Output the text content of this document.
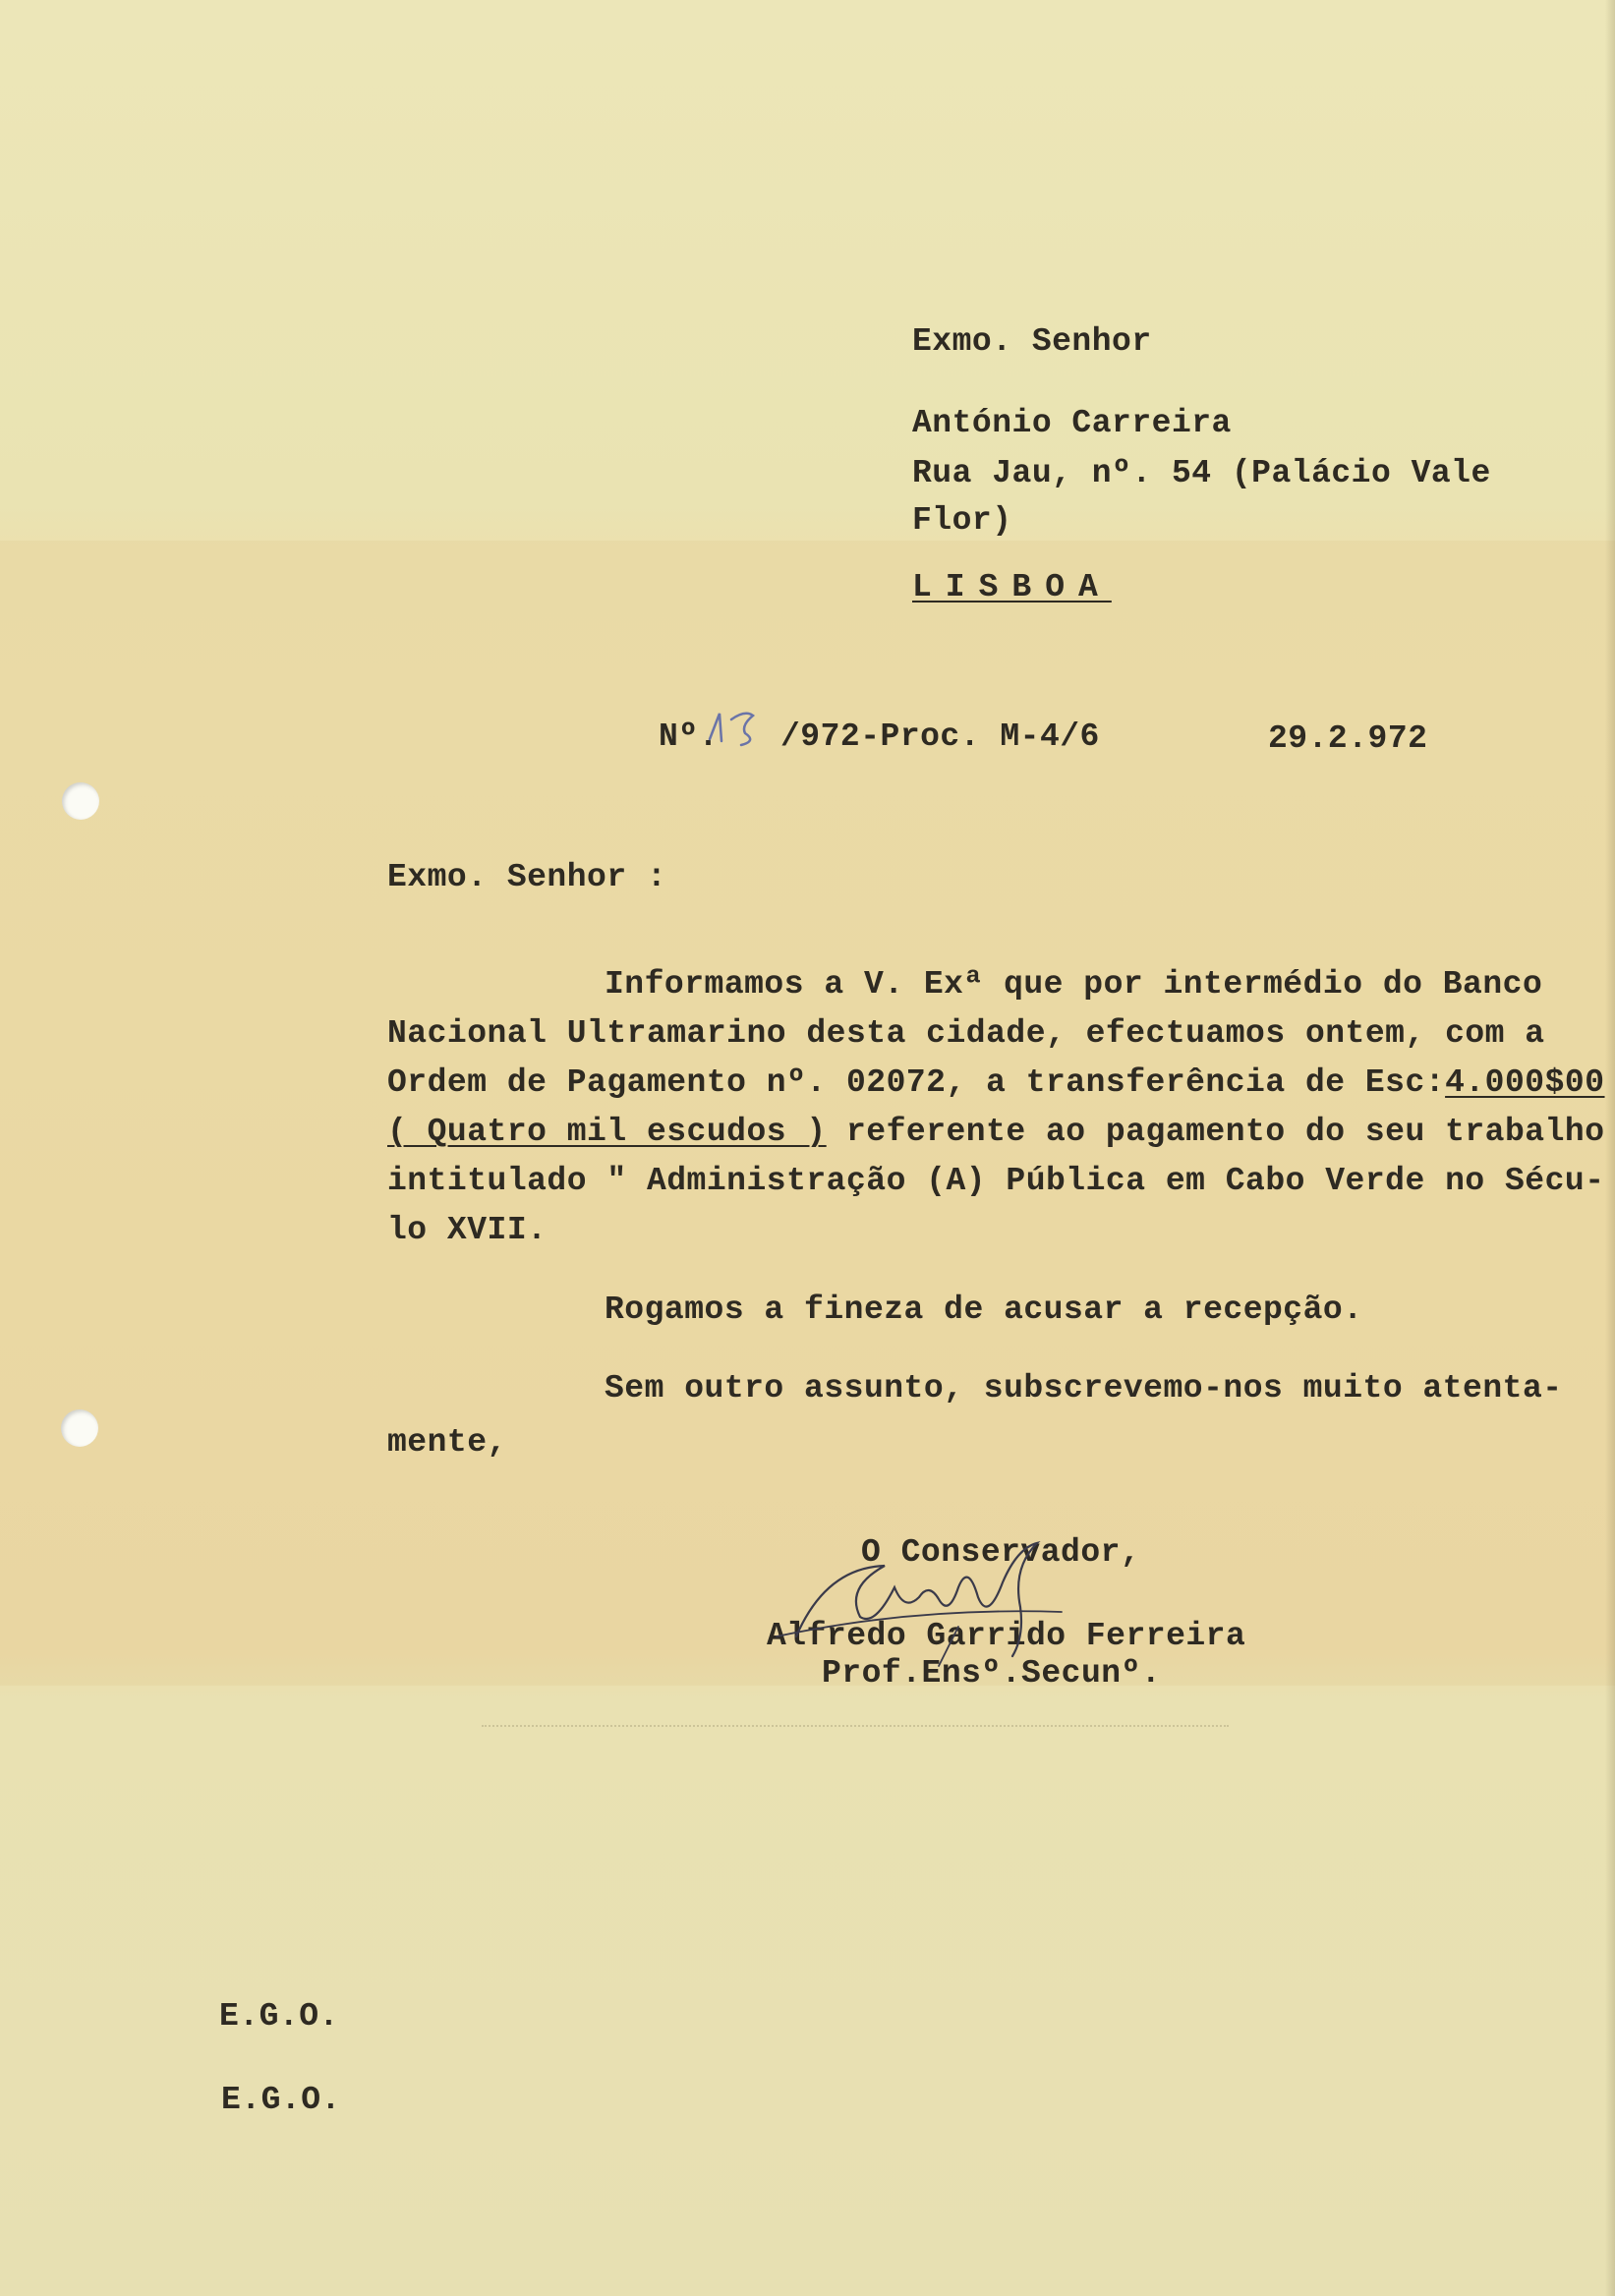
Exmo. Senhor
António Carreira
Rua Jau, nº. 54 (Palácio Vale
Flor)
LISBOA
Nº. /972-Proc. M-4/6	29.2.972
Exmo. Senhor :
Informamos a V. Exª que por intermédio do Banco
Nacional Ultramarino desta cidade, efectuamos ontem, com a
Ordem de Pagamento nº. 02072, a transferência de Esc:4.000$00
( Quatro mil escudos ) referente ao pagamento do seu trabalho
intitulado " Administração (A) Pública em Cabo Verde no Sécu-
lo XVII.
Rogamos a fineza de acusar a recepção.
Sem outro assunto, subscrevemo-nos muito atenta-
mente,
O Conservador,
Alfredo Garrido Ferreira
Prof.Ensº.Secunº.
E.G.O.
E.G.O.
